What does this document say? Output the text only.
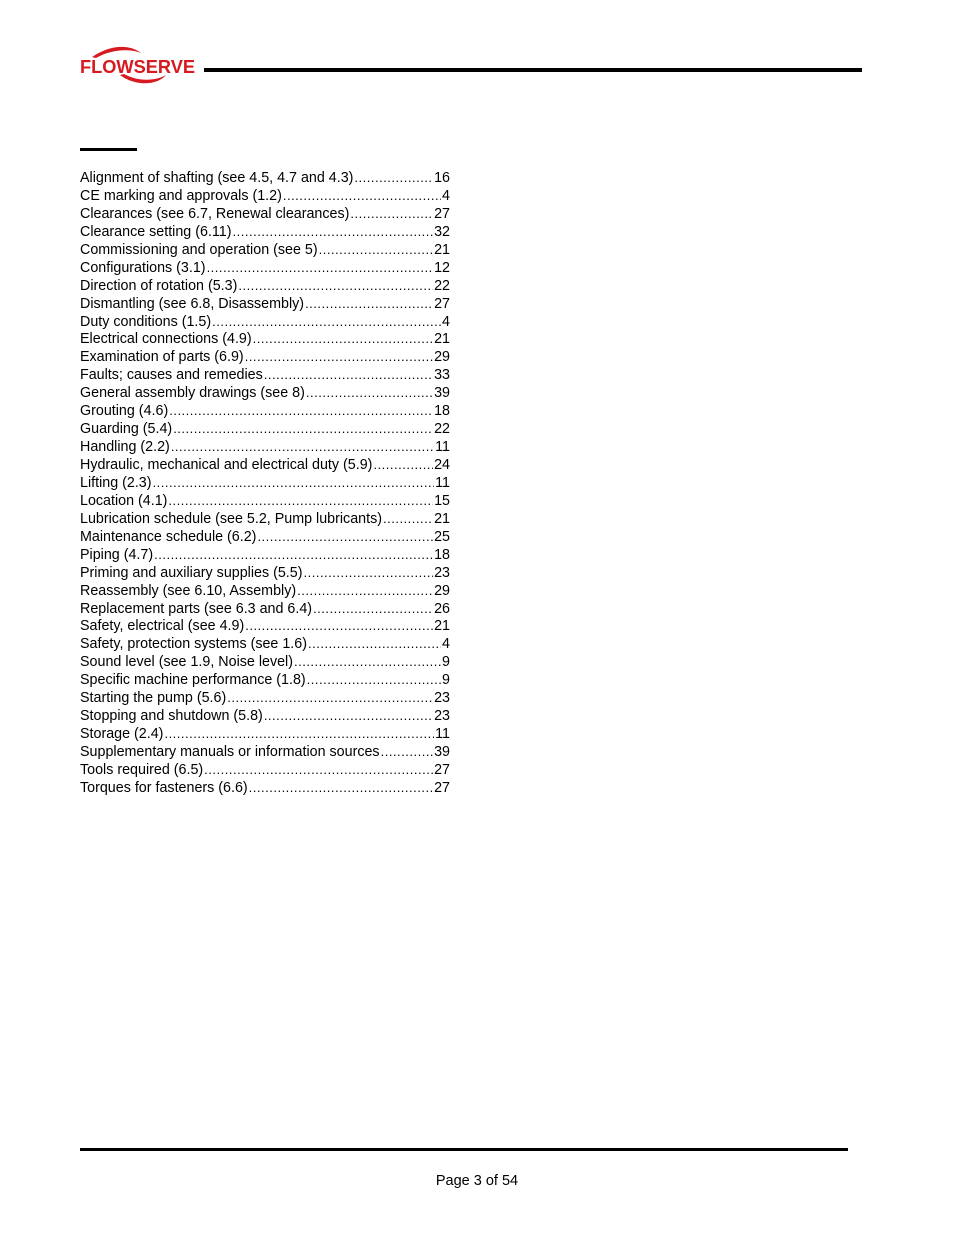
FLOWSERVE
Alignment of shafting (see 4.5, 4.7 and 4.3) .....	16
CE marking and approvals (1.2) .....	4
Clearances (see 6.7, Renewal clearances) .....	27
Clearance setting (6.11) .....	32
Commissioning and operation (see 5) .....	21
Configurations (3.1) .....	12
Direction of rotation (5.3) .....	22
Dismantling (see 6.8, Disassembly) .....	27
Duty conditions (1.5) .....	4
Electrical connections (4.9) .....	21
Examination of parts (6.9) .....	29
Faults; causes and remedies .....	33
General assembly drawings (see 8) .....	39
Grouting (4.6) .....	18
Guarding (5.4) .....	22
Handling (2.2) .....	11
Hydraulic, mechanical and electrical duty (5.9) .....	24
Lifting (2.3) .....	11
Location (4.1) .....	15
Lubrication schedule (see 5.2, Pump lubricants) .....	21
Maintenance schedule (6.2) .....	25
Piping (4.7) .....	18
Priming and auxiliary supplies (5.5) .....	23
Reassembly (see 6.10, Assembly) .....	29
Replacement parts (see 6.3 and 6.4) .....	26
Safety, electrical (see 4.9) .....	21
Safety, protection systems (see 1.6) .....	4
Sound level (see 1.9, Noise level) .....	9
Specific machine performance (1.8) .....	9
Starting the pump (5.6) .....	23
Stopping and shutdown (5.8) .....	23
Storage (2.4) .....	11
Supplementary manuals or information sources .....	39
Tools required (6.5) .....	27
Torques for fasteners (6.6) .....	27
Page 3 of 54
